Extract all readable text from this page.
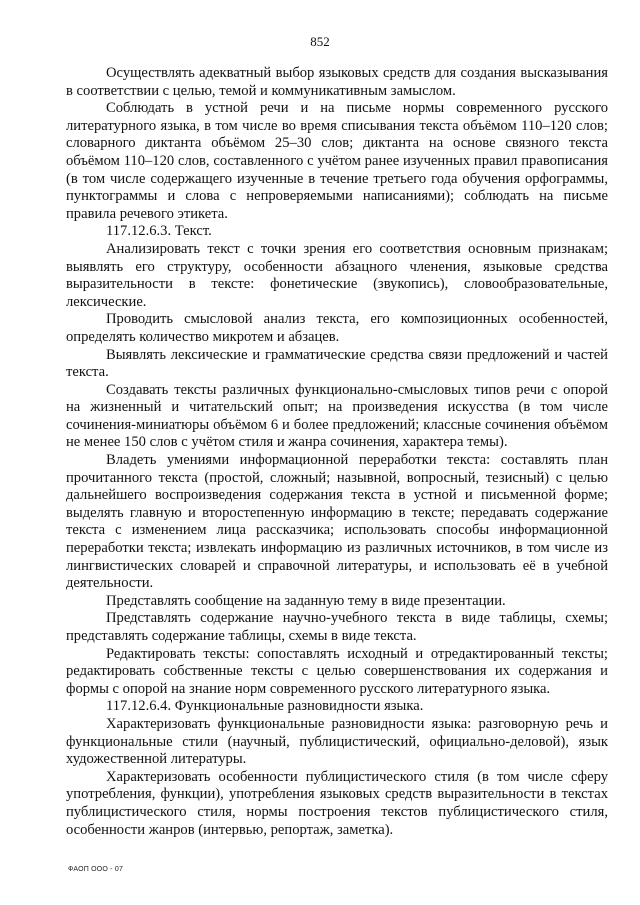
852

Осуществлять адекватный выбор языковых средств для создания высказывания в соответствии с целью, темой и коммуникативным замыслом.

Соблюдать в устной речи и на письме нормы современного русского литературного языка, в том числе во время списывания текста объёмом 110–120 слов; словарного диктанта объёмом 25–30 слов; диктанта на основе связного текста объёмом 110–120 слов, составленного с учётом ранее изученных правил правописания (в том числе содержащего изученные в течение третьего года обучения орфограммы, пунктограммы и слова с непроверяемыми написаниями); соблюдать на письме правила речевого этикета.

117.12.6.3. Текст.

Анализировать текст с точки зрения его соответствия основным признакам; выявлять его структуру, особенности абзацного членения, языковые средства выразительности в тексте: фонетические (звукопись), словообразовательные, лексические.

Проводить смысловой анализ текста, его композиционных особенностей, определять количество микротем и абзацев.

Выявлять лексические и грамматические средства связи предложений и частей текста.

Создавать тексты различных функционально-смысловых типов речи с опорой на жизненный и читательский опыт; на произведения искусства (в том числе сочинения-миниатюры объёмом 6 и более предложений; классные сочинения объёмом не менее 150 слов с учётом стиля и жанра сочинения, характера темы).

Владеть умениями информационной переработки текста: составлять план прочитанного текста (простой, сложный; назывной, вопросный, тезисный) с целью дальнейшего воспроизведения содержания текста в устной и письменной форме; выделять главную и второстепенную информацию в тексте; передавать содержание текста с изменением лица рассказчика; использовать способы информационной переработки текста; извлекать информацию из различных источников, в том числе из лингвистических словарей и справочной литературы, и использовать её в учебной деятельности.

Представлять сообщение на заданную тему в виде презентации.

Представлять содержание научно-учебного текста в виде таблицы, схемы; представлять содержание таблицы, схемы в виде текста.

Редактировать тексты: сопоставлять исходный и отредактированный тексты; редактировать собственные тексты с целью совершенствования их содержания и формы с опорой на знание норм современного русского литературного языка.

117.12.6.4. Функциональные разновидности языка.

Характеризовать функциональные разновидности языка: разговорную речь и функциональные стили (научный, публицистический, официально-деловой), язык художественной литературы.

Характеризовать особенности публицистического стиля (в том числе сферу употребления, функции), употребления языковых средств выразительности в текстах публицистического стиля, нормы построения текстов публицистического стиля, особенности жанров (интервью, репортаж, заметка).

ФАОП ООО - 07
